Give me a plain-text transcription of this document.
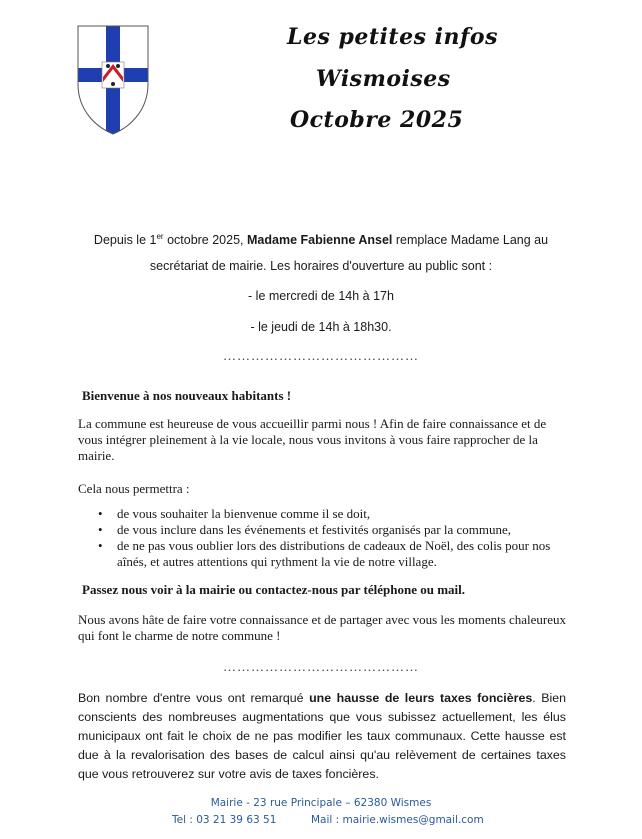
Les petites infos
Wismoises
Octobre 2025
Depuis le 1er octobre 2025, Madame Fabienne Ansel remplace Madame Lang au
secrétariat de mairie. Les horaires d'ouverture au public sont :
- le mercredi de 14h à 17h
- le jeudi de 14h à 18h30.
……………………………………
Bienvenue à nos nouveaux habitants !
La commune est heureuse de vous accueillir parmi nous ! Afin de faire connaissance et de vous intégrer pleinement à la vie locale, nous vous invitons à vous faire rapprocher de la mairie.
Cela nous permettra :
• de vous souhaiter la bienvenue comme il se doit,
• de vous inclure dans les événements et festivités organisés par la commune,
• de ne pas vous oublier lors des distributions de cadeaux de Noël, des colis pour nos aînés, et autres attentions qui rythment la vie de notre village.
Passez nous voir à la mairie ou contactez-nous par téléphone ou mail.
Nous avons hâte de faire votre connaissance et de partager avec vous les moments chaleureux qui font le charme de notre commune !
……………………………………
Bon nombre d'entre vous ont remarqué une hausse de leurs taxes foncières. Bien conscients des nombreuses augmentations que vous subissez actuellement, les élus municipaux ont fait le choix de ne pas modifier les taux communaux. Cette hausse est due à la revalorisation des bases de calcul ainsi qu'au relèvement de certaines taxes que vous retrouverez sur votre avis de taxes foncières.
Mairie - 23 rue Principale – 62380 Wismes
Tel : 03 21 39 63 51	Mail : mairie.wismes@gmail.com
